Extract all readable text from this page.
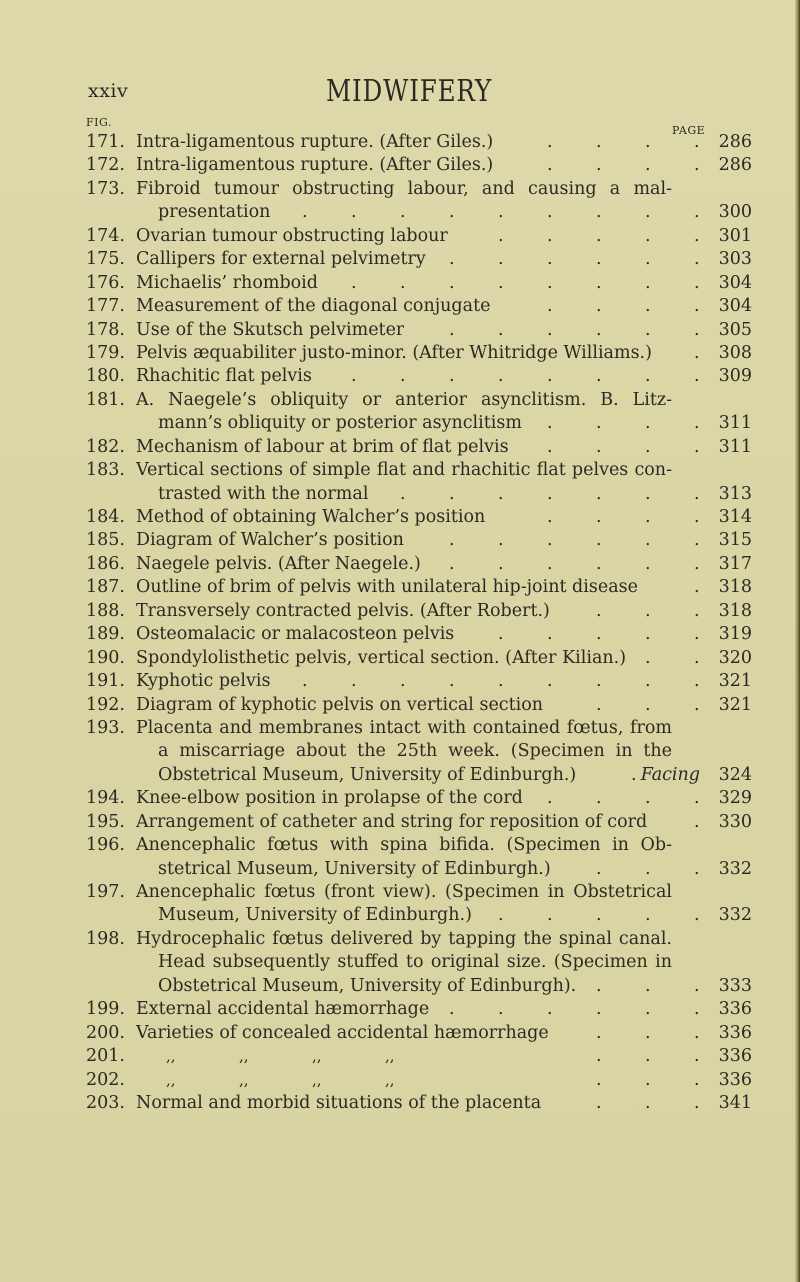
xxiv	MIDWIFERY
FIG.
PAGE
171. Intra-ligamentous rupture. (After Giles.)	286
.
.
.
.
172. Intra-ligamentous rupture. (After Giles.)	286
.
.
.
.
173. Fibroid tumour obstructing labour, and causing a mal-
presentation	300
.
.
.
.
.
.
.
.
.
174. Ovarian tumour obstructing labour	301
.
.
.
.
.
175. Callipers for external pelvimetry	303
.
.
.
.
.
.
176. Michaelis’ rhomboid	304
.
.
.
.
.
.
.
.
177. Measurement of the diagonal conjugate	304
.
.
.
.
178. Use of the Skutsch pelvimeter	305
.
.
.
.
.
.
179. Pelvis æquabiliter justo-minor. (After Whitridge Williams.)	308
.
180. Rhachitic flat pelvis	309
.
.
.
.
.
.
.
.
181. A. Naegele’s obliquity or anterior asynclitism. B. Litz-
mann’s obliquity or posterior asynclitism	311
.
.
.
.
182. Mechanism of labour at brim of flat pelvis	311
.
.
.
.
183. Vertical sections of simple flat and rhachitic flat pelves con-
trasted with the normal	313
.
.
.
.
.
.
.
184. Method of obtaining Walcher’s position	314
.
.
.
.
185. Diagram of Walcher’s position	315
.
.
.
.
.
.
186. Naegele pelvis. (After Naegele.)	317
.
.
.
.
.
.
187. Outline of brim of pelvis with unilateral hip-joint disease	318
.
188. Transversely contracted pelvis. (After Robert.)	318
.
.
.
189. Osteomalacic or malacosteon pelvis	319
.
.
.
.
.
190. Spondylolisthetic pelvis, vertical section. (After Kilian.)	320
.
.
191. Kyphotic pelvis	321
.
.
.
.
.
.
.
.
.
192. Diagram of kyphotic pelvis on vertical section	321
.
.
.
193. Placenta and membranes intact with contained fœtus, from
a miscarriage about the 25th week. (Specimen in the
Obstetrical Museum, University of Edinburgh.)	Facing	324
.
194. Knee-elbow position in prolapse of the cord	329
.
.
.
.
195. Arrangement of catheter and string for reposition of cord	330
.
196. Anencephalic fœtus with spina bifida. (Specimen in Ob-
stetrical Museum, University of Edinburgh.)	332
.
.
.
197. Anencephalic fœtus (front view). (Specimen in Obstetrical
Museum, University of Edinburgh.)	332
.
.
.
.
.
198. Hydrocephalic fœtus delivered by tapping the spinal canal.
Head subsequently stuffed to original size. (Specimen in
Obstetrical Museum, University of Edinburgh).	333
.
.
.
199. External accidental hæmorrhage	336
.
.
.
.
.
.
200. Varieties of concealed accidental hæmorrhage	336
.
.
.
201.	,,	,,	,,	,,	336
.
.
.
202.	,,	,,	,,	,,	336
.
.
.
203. Normal and morbid situations of the placenta	341
.
.
.
